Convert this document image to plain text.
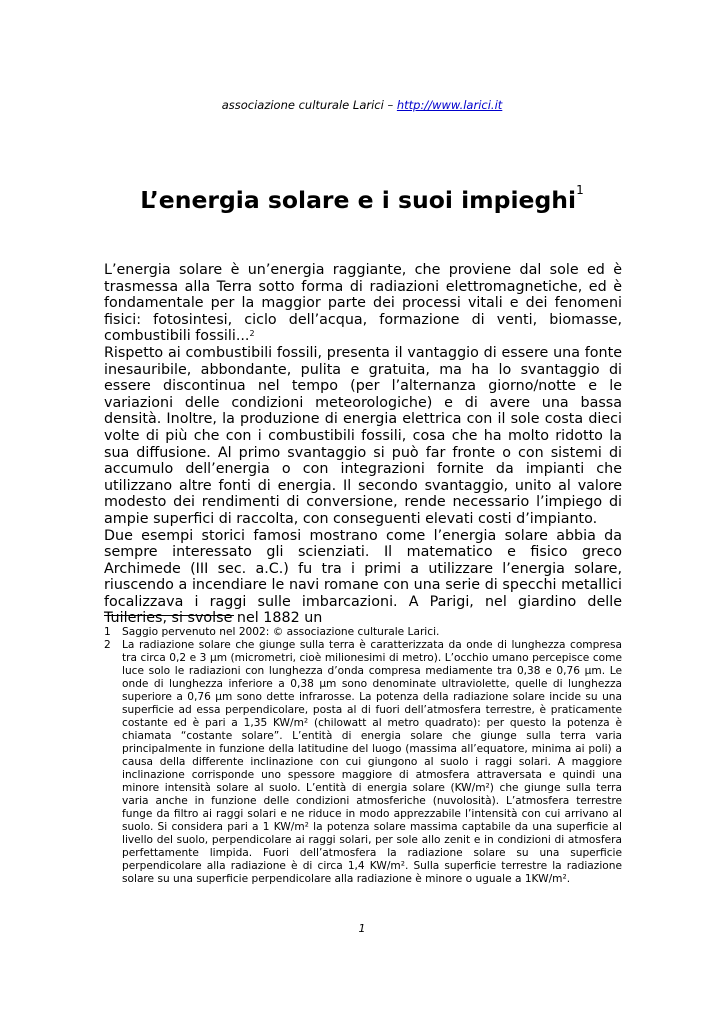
associazione culturale Larici – http://www.larici.it
L’energia solare e i suoi impieghi$^1$

L’energia solare è un’energia raggiante, che proviene dal sole ed è trasmessa alla Terra sotto forma di radiazioni elettromagnetiche, ed è fondamentale per la maggior parte dei processi vitali e dei fenomeni fisici: fotosintesi, ciclo dell’acqua, formazione di venti, biomasse, combustibili fossili...$^2$

Rispetto ai combustibili fossili, presenta il vantaggio di essere una fonte inesauribile, abbondante, pulita e gratuita, ma ha lo svantaggio di essere discontinua nel tempo (per l’alternanza giorno/notte e le variazioni delle condizioni meteorologiche) e di avere una bassa densità. Inoltre, la produzione di energia elettrica con il sole costa dieci volte di più che con i combustibili fossili, cosa che ha molto ridotto la sua diffusione. Al primo svantaggio si può far fronte o con sistemi di accumulo dell’energia o con integrazioni fornite da impianti che utilizzano altre fonti di energia. Il secondo svantaggio, unito al valore modesto dei rendimenti di conversione, rende necessario l’impiego di ampie superfici di raccolta, con conseguenti elevati costi d’impianto.

Due esempi storici famosi mostrano come l’energia solare abbia da sempre interessato gli scienziati. Il matematico e fisico greco Archimede (III sec. a.C.) fu tra i primi a utilizzare l’energia solare, riuscendo a incendiare le navi romane con una serie di specchi metallici focalizzava i raggi sulle imbarcazioni. A Parigi, nel giardino delle Tuileries, si svolse nel 1882 un

1	Saggio pervenuto nel 2002: © associazione culturale Larici.
2	La radiazione solare che giunge sulla terra è caratterizzata da onde di lunghezza compresa tra circa 0,2 e 3 μm (micrometri, cioè milionesimi di metro). L’occhio umano percepisce come luce solo le radiazioni con lunghezza d’onda compresa mediamente tra 0,38 e 0,76 μm. Le onde di lunghezza inferiore a 0,38 μm sono denominate ultraviolette, quelle di lunghezza superiore a 0,76 μm sono dette infrarosse. La potenza della radiazione solare incide su una superficie ad essa perpendicolare, posta al di fuori dell’atmosfera terrestre, è praticamente costante ed è pari a 1,35 KW/m² (chilowatt al metro quadrato): per questo la potenza è chiamata “costante solare”. L’entità di energia solare che giunge sulla terra varia principalmente in funzione della latitudine del luogo (massima all’equatore, minima ai poli) a causa della differente inclinazione con cui giungono al suolo i raggi solari. A maggiore inclinazione corrisponde uno spessore maggiore di atmosfera attraversata e quindi una minore intensità solare al suolo. L’entità di energia solare (KW/m²) che giunge sulla terra varia anche in funzione delle condizioni atmosferiche (nuvolosità). L’atmosfera terrestre funge da filtro ai raggi solari e ne riduce in modo apprezzabile l’intensità con cui arrivano al suolo. Si considera pari a 1 KW/m² la potenza solare massima captabile da una superficie al livello del suolo, perpendicolare ai raggi solari, per sole allo zenit e in condizioni di atmosfera perfettamente limpida. Fuori dell’atmosfera la radiazione solare su una superficie perpendicolare alla radiazione è di circa 1,4 KW/m². Sulla superficie terrestre la radiazione solare su una superficie perpendicolare alla radiazione è minore o uguale a 1KW/m².
1
